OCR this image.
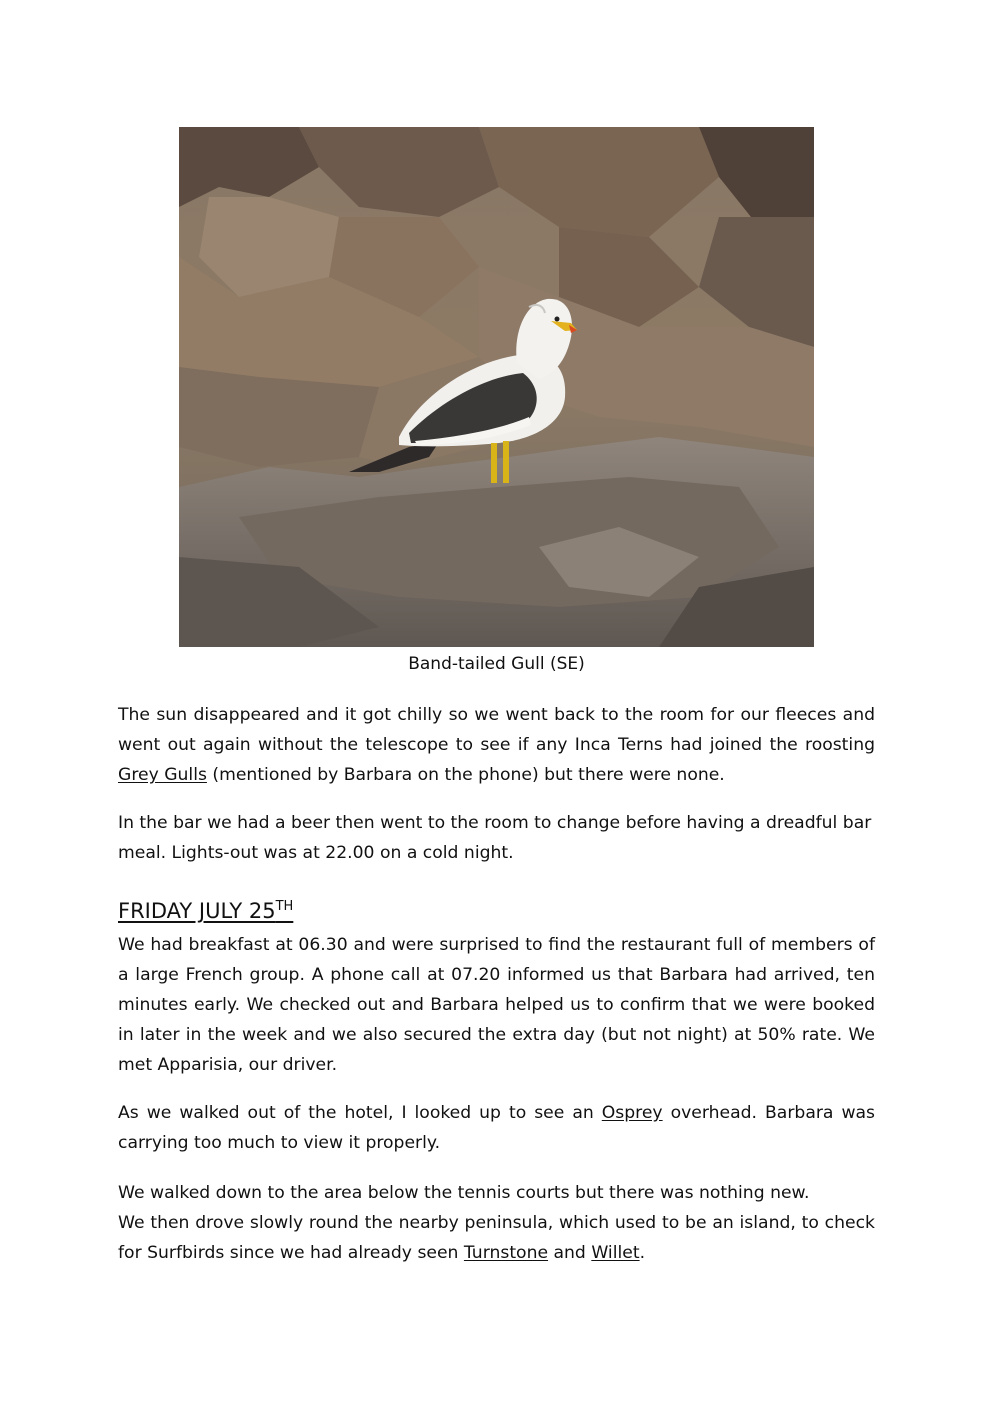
Band-tailed Gull (SE)

The sun disappeared and it got chilly so we went back to the room for our fleeces and went out again without the telescope to see if any Inca Terns had joined the roosting Grey Gulls (mentioned by Barbara on the phone) but there were none.

In the bar we had a beer then went to the room to change before having a dreadful bar meal. Lights-out was at 22.00 on a cold night.

FRIDAY JULY 25TH

We had breakfast at 06.30 and were surprised to find the restaurant full of members of a large French group. A phone call at 07.20 informed us that Barbara had arrived, ten minutes early. We checked out and Barbara helped us to confirm that we were booked in later in the week and we also secured the extra day (but not night) at 50% rate. We met Apparisia, our driver.

As we walked out of the hotel, I looked up to see an Osprey overhead. Barbara was carrying too much to view it properly.

We walked down to the area below the tennis courts but there was nothing new.
We then drove slowly round the nearby peninsula, which used to be an island, to check for Surfbirds since we had already seen Turnstone and Willet.
